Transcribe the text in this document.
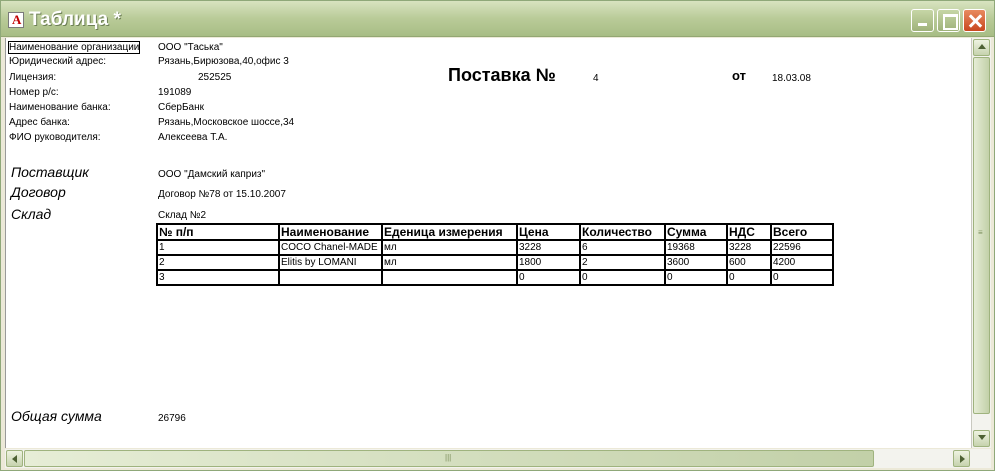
A
Таблица *
Наименование организации ООО "Таська"
Юридический адрес:	Рязань,Бирюзова,40,офис 3
Лицензия:	252525
Номер р/с:	191089
Наименование банка:	СберБанк
Адрес банка:	Рязань,Московское шоссе,34
ФИО руководителя:	Алексеева Т.А.
Поставка №	4	от	18.03.08
Поставщик	ООО "Дамский каприз"
Договор	Договор №78 от 15.10.2007
Склад	Склад №2
№ п/п	Наименование	Еденица измерения	Цена	Количество	Сумма	НДС	Всего
1	COCO Chanel-MADE	мл	3228	6	19368	3228	22596
2	Elitis by LOMANI	мл	1800	2	3600	600	4200
3			0	0	0	0	0
Общая сумма	26796
≡
|||
